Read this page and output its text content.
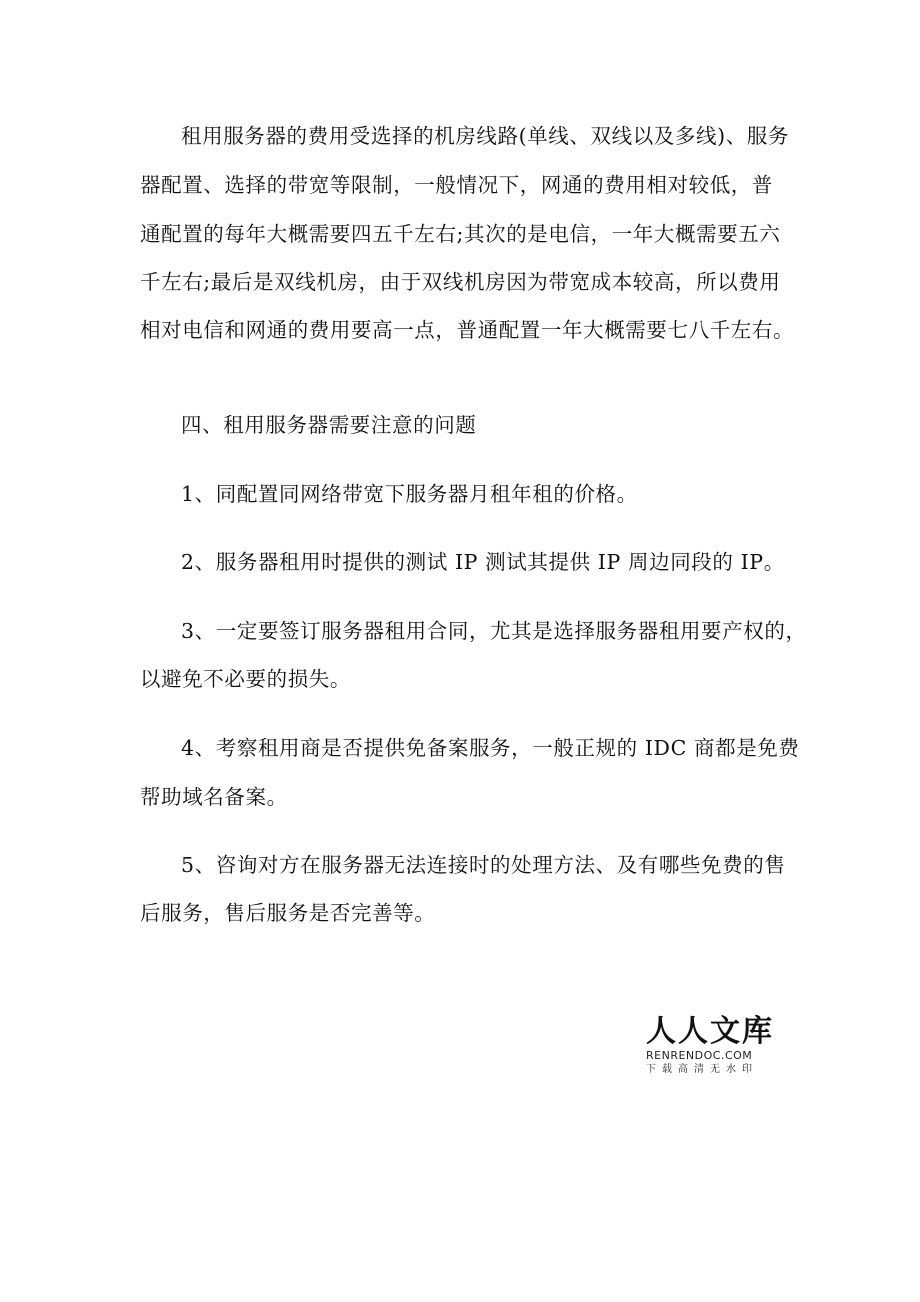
租用服务器的费用受选择的机房线路(单线、双线以及多线)、服务
器配置、选择的带宽等限制，一般情况下，网通的费用相对较低，普
通配置的每年大概需要四五千左右;其次的是电信，一年大概需要五六
千左右;最后是双线机房，由于双线机房因为带宽成本较高，所以费用
相对电信和网通的费用要高一点，普通配置一年大概需要七八千左右。
四、租用服务器需要注意的问题
1、同配置同网络带宽下服务器月租年租的价格。
2、服务器租用时提供的测试 IP 测试其提供 IP 周边同段的 IP。
3、一定要签订服务器租用合同，尤其是选择服务器租用要产权的，
以避免不必要的损失。
4、考察租用商是否提供免备案服务，一般正规的 IDC 商都是免费
帮助域名备案。
5、咨询对方在服务器无法连接时的处理方法、及有哪些免费的售
后服务，售后服务是否完善等。
人人文库
RENRENDOC.COM
下载高清无水印
